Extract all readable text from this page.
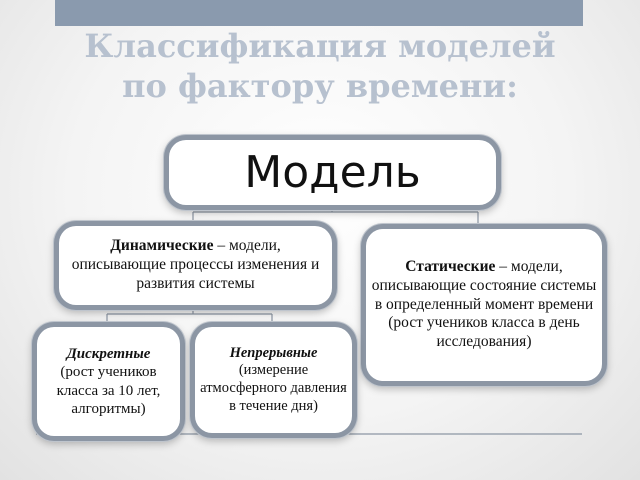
Классификация моделей
по фактору времени:
Модель
Динамические – модели, описывающие процессы изменения и развития системы
Статические – модели, описывающие состояние системы в определенный момент времени (рост учеников класса в день исследования)
Дискретные
(рост учеников класса за 10 лет, алгоритмы)
Непрерывные
(измерение атмосферного давления в течение дня)
